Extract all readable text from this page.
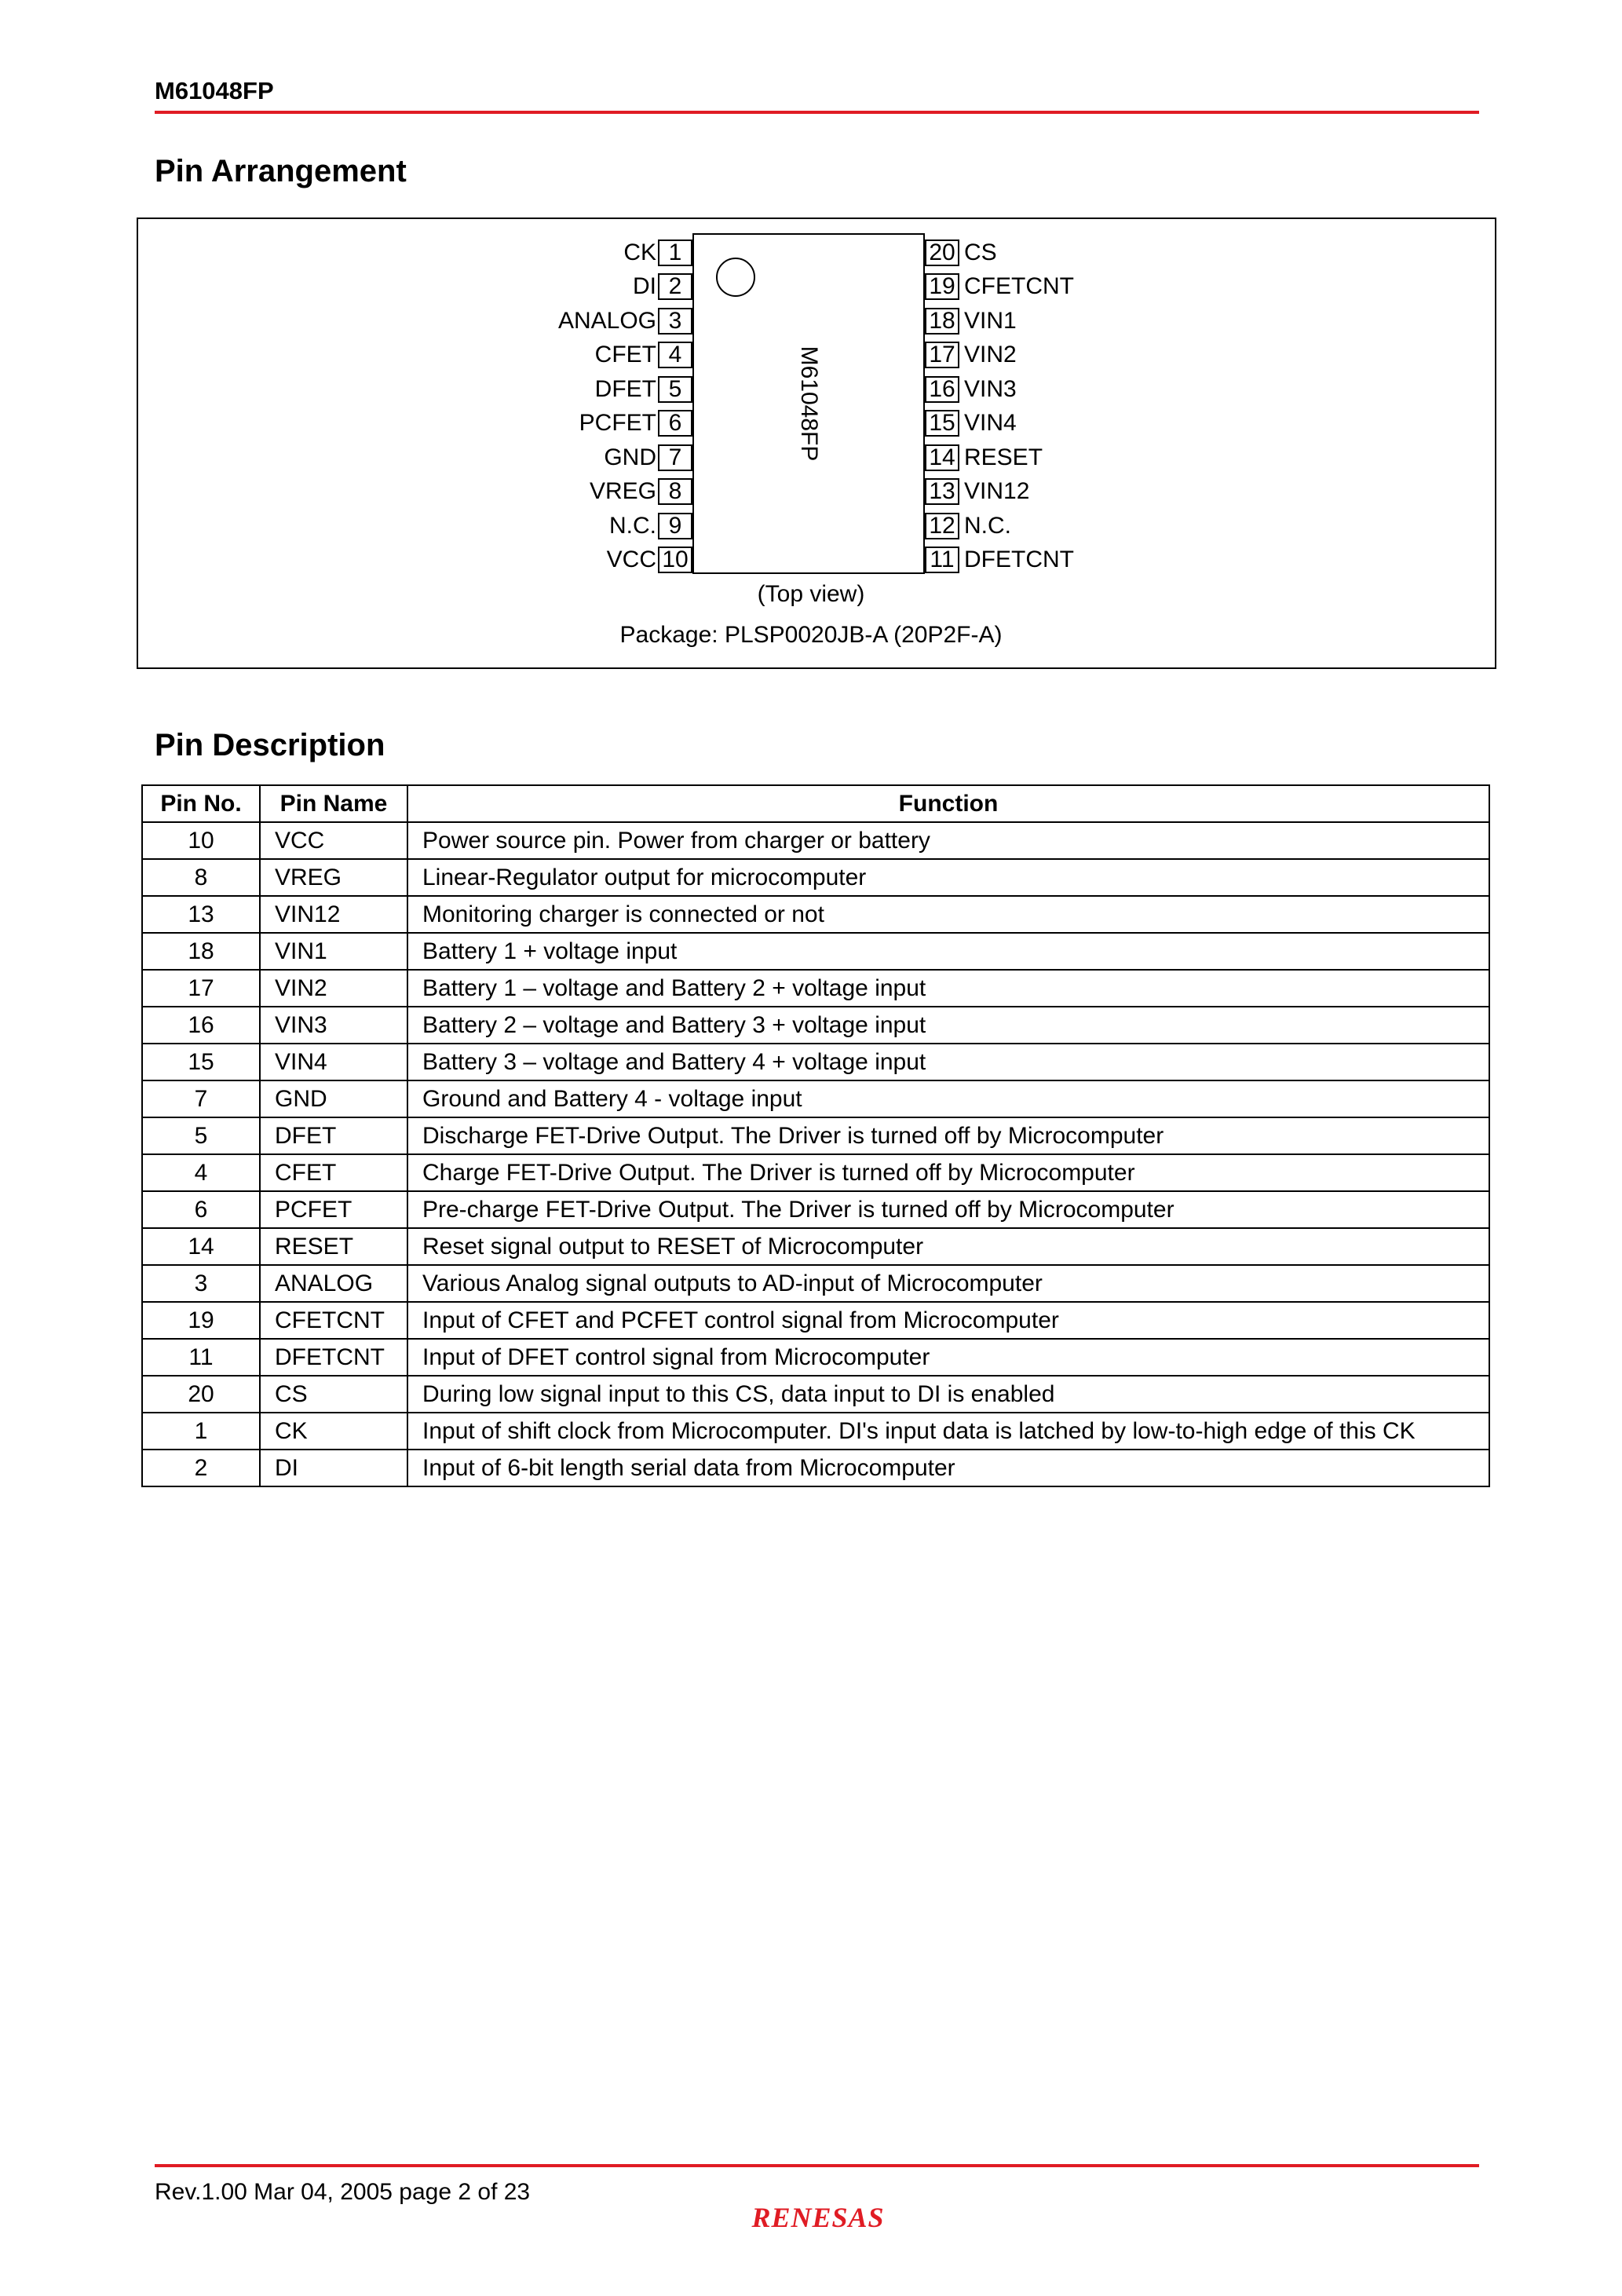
M61048FP
Pin Arrangement
M61048FP
CK 1
DI 2
ANALOG 3
CFET 4
DFET 5
PCFET 6
GND 7
VREG 8
N.C. 9
VCC 10
20 CS
19 CFETCNT
18 VIN1
17 VIN2
16 VIN3
15 VIN4
14 RESET
13 VIN12
12 N.C.
11 DFETCNT
(Top view)
Package: PLSP0020JB-A (20P2F-A)
Pin Description
Pin No.	Pin Name	Function
10	VCC	Power source pin. Power from charger or battery
8	VREG	Linear-Regulator output for microcomputer
13	VIN12	Monitoring charger is connected or not
18	VIN1	Battery 1 + voltage input
17	VIN2	Battery 1 – voltage and Battery 2 + voltage input
16	VIN3	Battery 2 – voltage and Battery 3 + voltage input
15	VIN4	Battery 3 – voltage and Battery 4 + voltage input
7	GND	Ground and Battery 4 - voltage input
5	DFET	Discharge FET-Drive Output. The Driver is turned off by Microcomputer
4	CFET	Charge FET-Drive Output. The Driver is turned off by Microcomputer
6	PCFET	Pre-charge FET-Drive Output. The Driver is turned off by Microcomputer
14	RESET	Reset signal output to RESET of Microcomputer
3	ANALOG	Various Analog signal outputs to AD-input of Microcomputer
19	CFETCNT	Input of CFET and PCFET control signal from Microcomputer
11	DFETCNT	Input of DFET control signal from Microcomputer
20	CS	During low signal input to this CS, data input to DI is enabled
1	CK	Input of shift clock from Microcomputer. DI's input data is latched by low-to-high edge of this CK
2	DI	Input of 6-bit length serial data from Microcomputer
Rev.1.00 Mar 04, 2005 page 2 of 23
RENESAS
